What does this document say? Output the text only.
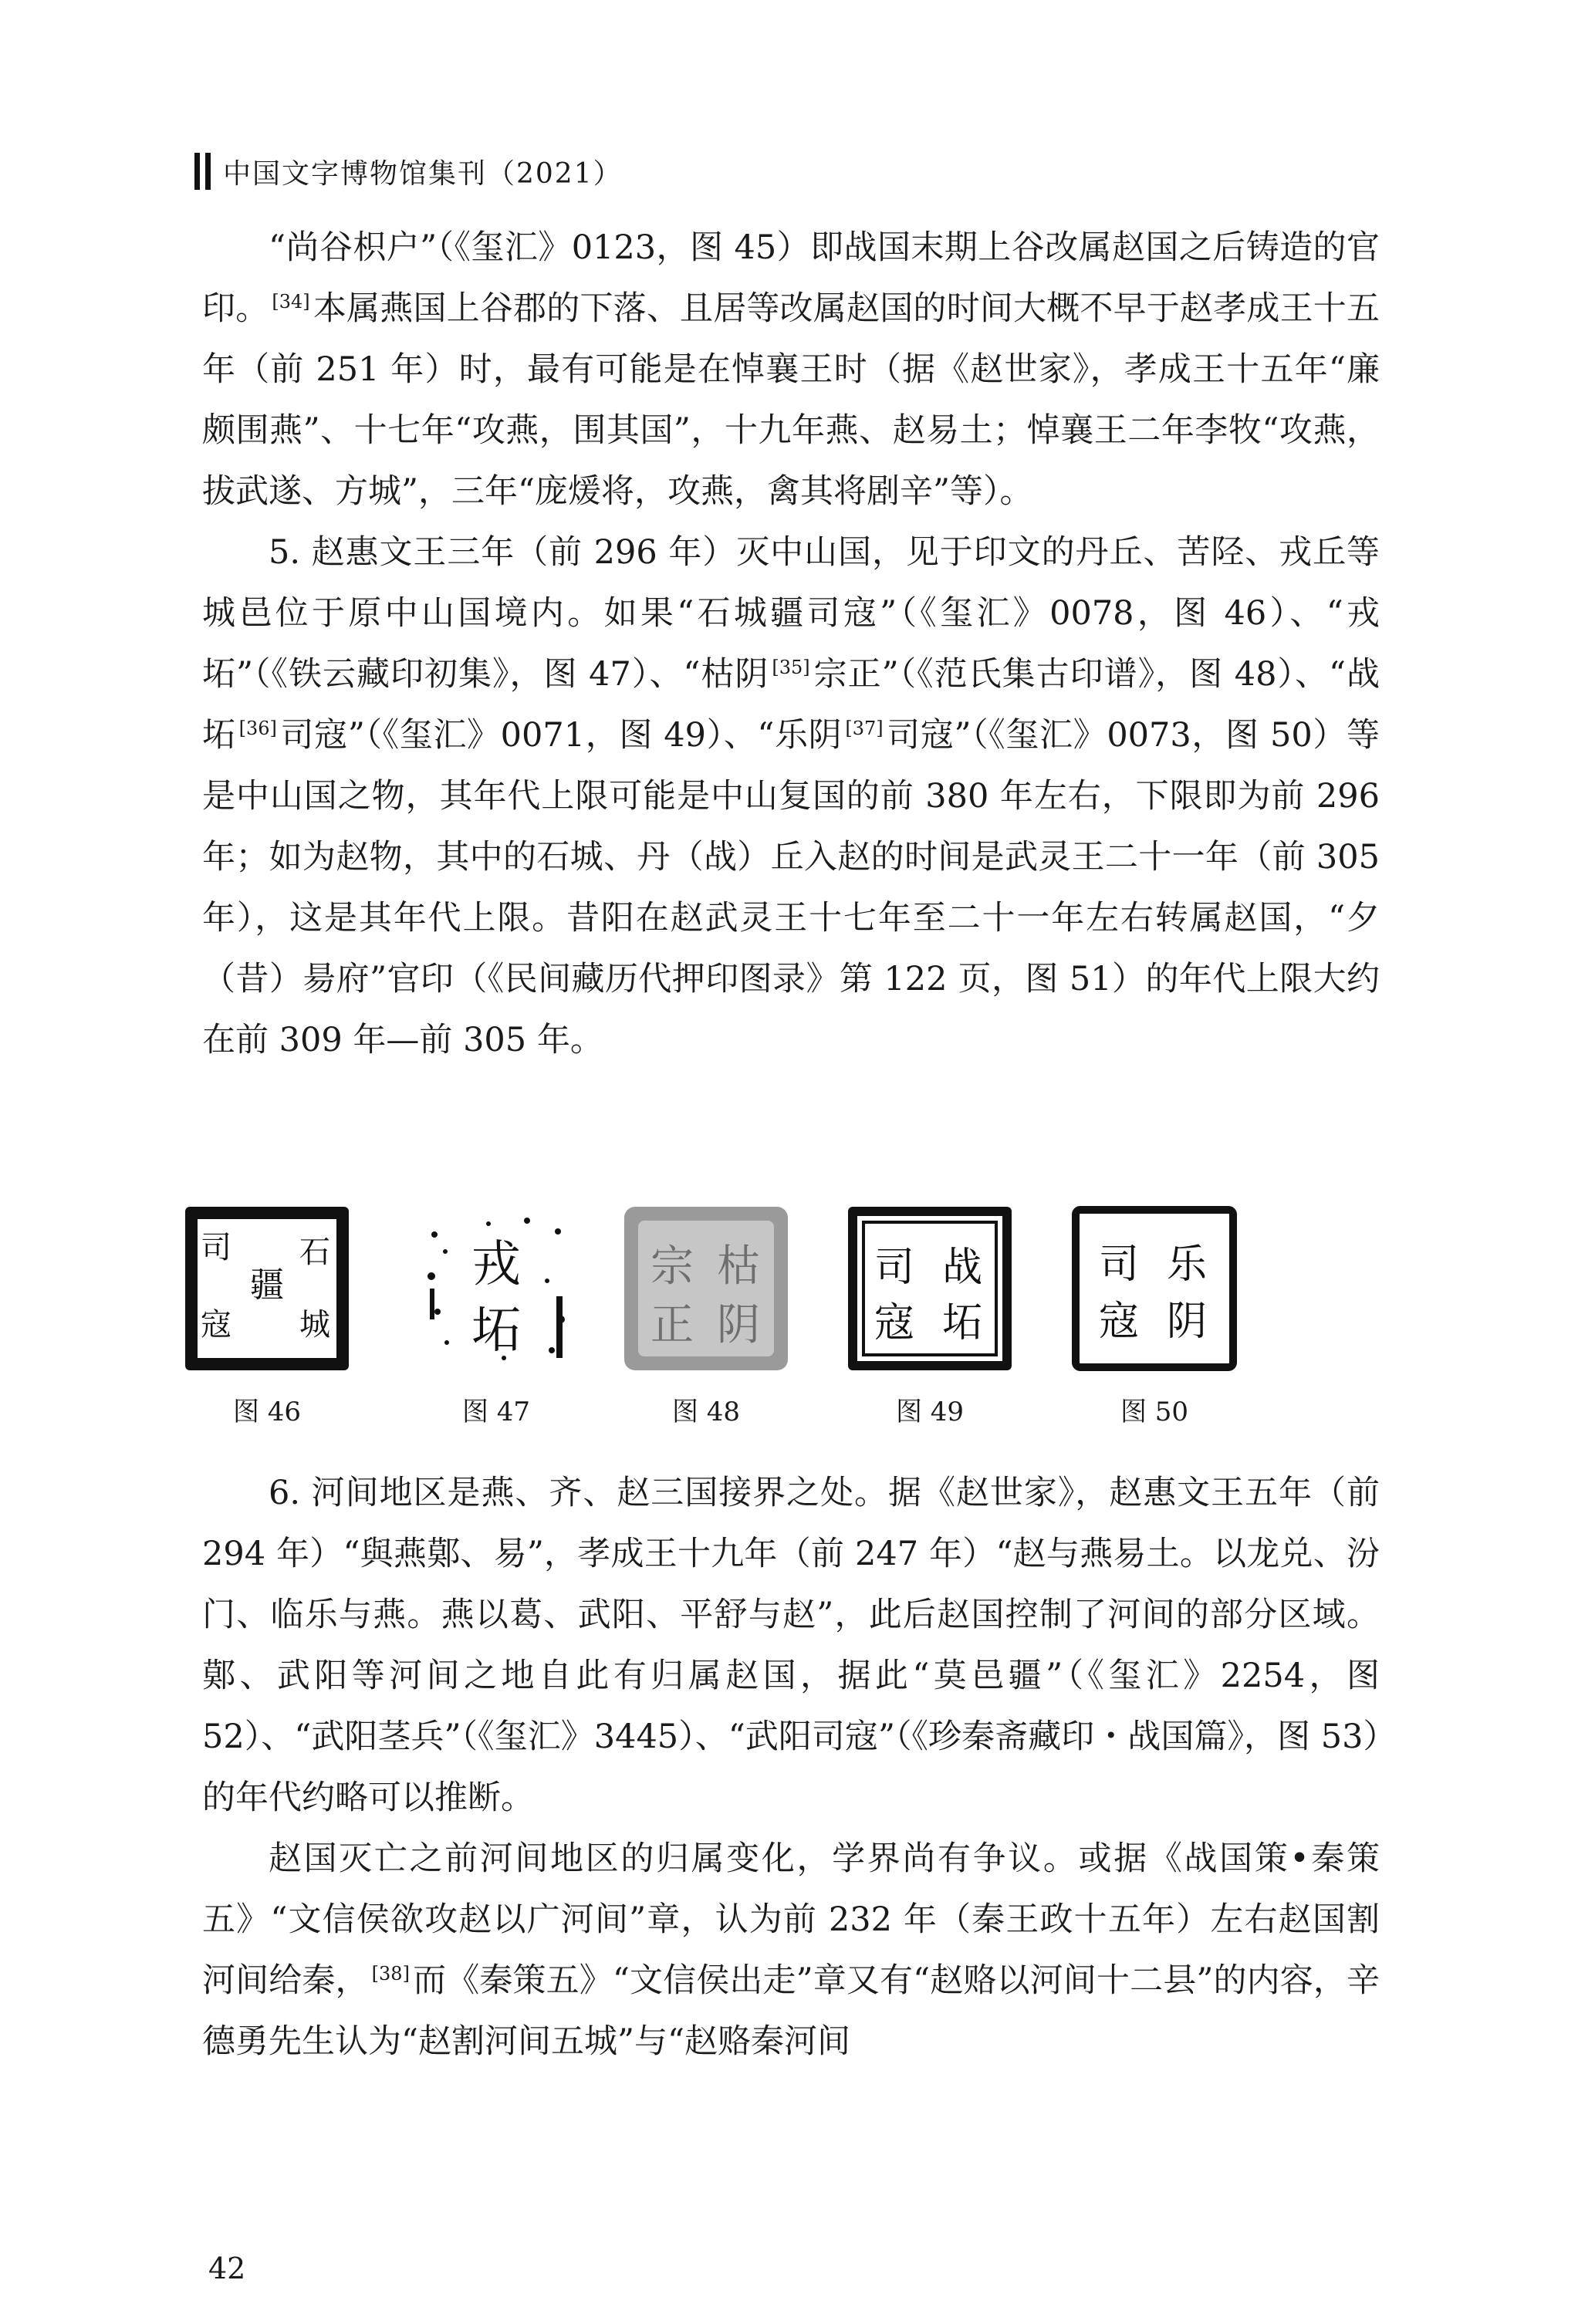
中国文字博物馆集刊（2021）

“尚谷枳户”（《玺汇》0123，图 45）即战国末期上谷改属赵国之后铸造的官印。 [34]本属燕国上谷郡的下落、且居等改属赵国的时间大概不早于赵孝成王十五年（前 251 年）时，最有可能是在悼襄王时（据《赵世家》，孝成王十五年“廉颇围燕”、十七年“攻燕，围其国”，十九年燕、赵易土；悼襄王二年李牧“攻燕，拔武遂、方城”，三年“庞煖将，攻燕，禽其将剧辛”等）。

5. 赵惠文王三年（前 296 年）灭中山国，见于印文的丹丘、苦陉、戎丘等城邑位于原中山国境内。如果“石城疆司寇”（《玺汇》0078，图 46）、“戎坧”（《铁云藏印初集》，图 47）、“枯阴 [35]宗正”（《范氏集古印谱》，图 48）、“战坧 [36]司寇”（《玺汇》0071，图 49）、“乐阴 [37]司寇”（《玺汇》0073，图 50）等是中山国之物，其年代上限可能是中山复国的前 380 年左右，下限即为前 296 年；如为赵物，其中的石城、丹（战）丘入赵的时间是武灵王二十一年（前 305 年），这是其年代上限。昔阳在赵武灵王十七年至二十一年左右转属赵国，“夕（昔）昜府”官印（《民间藏历代押印图录》第 122 页，图 51）的年代上限大约在前 309 年—前 305 年。

司
寇
疆
石
城
图 46
戎
坧
图 47
宗
正
枯
阴
图 48
司
寇
战
坧
图 49
司
寇
乐
阴
图 50

6. 河间地区是燕、齐、赵三国接界之处。据《赵世家》，赵惠文王五年（前 294 年）“與燕鄚、易”，孝成王十九年（前 247 年）“赵与燕易土。以龙兑、汾门、临乐与燕。燕以葛、武阳、平舒与赵”，此后赵国控制了河间的部分区域。鄚、武阳等河间之地自此有归属赵国，据此“莫邑疆”（《玺汇》2254，图 52）、“武阳茎兵”（《玺汇》3445）、“武阳司寇”（《珍秦斋藏印・战国篇》，图 53）的年代约略可以推断。

赵国灭亡之前河间地区的归属变化，学界尚有争议。或据《战国策•秦策五》“文信侯欲攻赵以广河间”章，认为前 232 年（秦王政十五年）左右赵国割河间给秦， [38]而《秦策五》“文信侯出走”章又有“赵赂以河间十二县”的内容，辛德勇先生认为“赵割河间五城”与“赵赂秦河间

42
